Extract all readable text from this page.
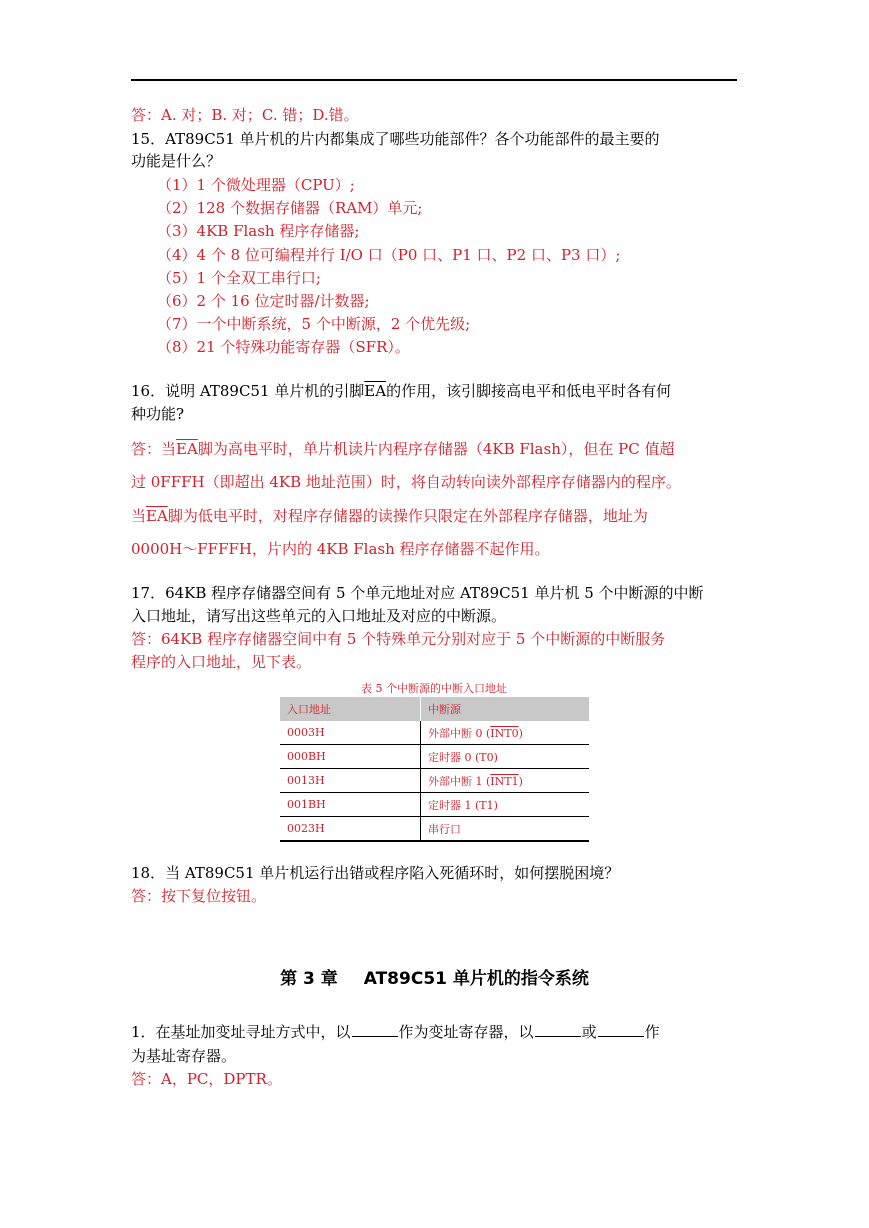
答：A. 对；B. 对；C. 错；D.错。
15．AT89C51 单片机的片内都集成了哪些功能部件？各个功能部件的最主要的
功能是什么？
（1）1 个微处理器（CPU）;
（2）128 个数据存储器（RAM）单元;
（3）4KB Flash 程序存储器;
（4）4 个 8 位可编程并行 I/O 口（P0 口、P1 口、P2 口、P3 口）;
（5）1 个全双工串行口;
（6）2 个 16 位定时器/计数器;
（7）一个中断系统，5 个中断源，2 个优先级;
（8）21 个特殊功能寄存器（SFR）。
16．说明 AT89C51 单片机的引脚$\overline{EA}$的作用，该引脚接高电平和低电平时各有何
种功能?
答：当$\overline{EA}$脚为高电平时，单片机读片内程序存储器（4KB Flash），但在 PC 值超
过 0FFFH（即超出 4KB 地址范围）时，将自动转向读外部程序存储器内的程序。
当$\overline{EA}$脚为低电平时，对程序存储器的读操作只限定在外部程序存储器，地址为
0000H～FFFFH，片内的 4KB Flash 程序存储器不起作用。
17．64KB 程序存储器空间有 5 个单元地址对应 AT89C51 单片机 5 个中断源的中断
入口地址，请写出这些单元的入口地址及对应的中断源。
答：64KB 程序存储器空间中有 5 个特殊单元分别对应于 5 个中断源的中断服务
程序的入口地址，见下表。
表 5 个中断源的中断入口地址
入口地址	中断源
0003H	外部中断 0 (INT0)
000BH	定时器 0 (T0)
0013H	外部中断 1 (INT1)
001BH	定时器 1 (T1)
0023H	串行口
18．当 AT89C51 单片机运行出错或程序陷入死循环时，如何摆脱困境？
答：按下复位按钮。
第 3 章 AT89C51 单片机的指令系统
1．在基址加变址寻址方式中，以	作为变址寄存器，以	或	作
为基址寄存器。
答：A，PC，DPTR。
